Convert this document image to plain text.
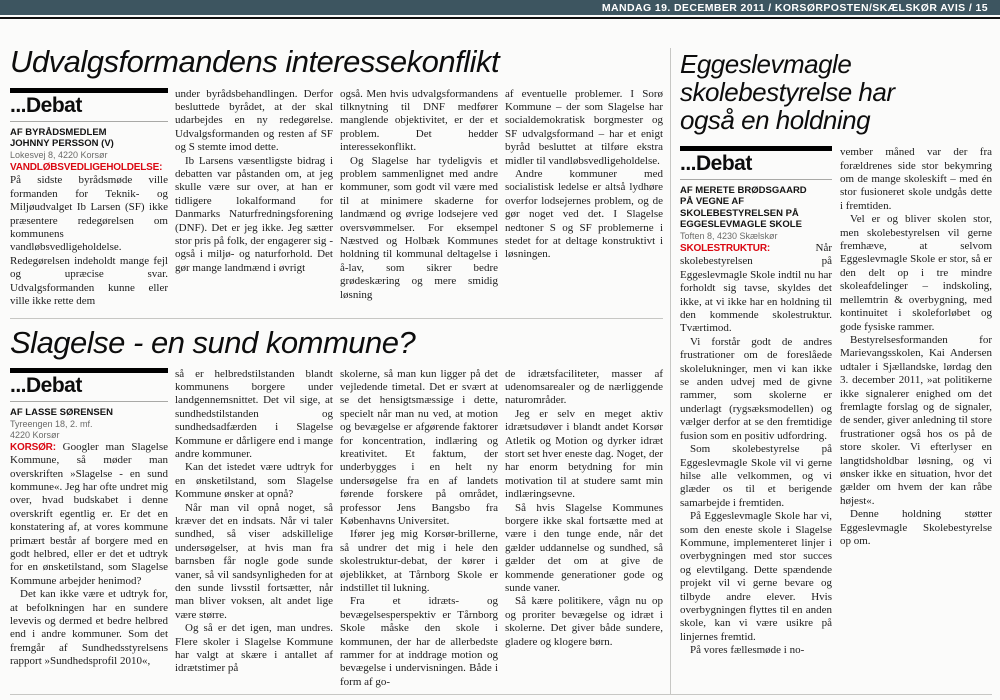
MANDAG 19. DECEMBER 2011 / KORSØRPOSTEN/SKÆLSKØR AVIS / 15
Udvalgsformandens interessekonflikt
...Debat
AF BYRÅDSMEDLEM
JOHNNY PERSSON (V)
Lokesvej 8, 4220 Korsør

VANDLØBSVEDLIGEHOLDELSE: På sidste byrådsmøde ville formanden for Teknik- og Miljøudvalget Ib Larsen (SF) ikke præsentere redegørelsen om kommunens vandløbsvedligeholdelse. Redegørelsen indeholdt mange fejl og upræcise svar. Udvalgsformanden kunne eller ville ikke rette dem

under byrådsbehandlingen. Derfor besluttede byrådet, at der skal udarbejdes en ny redegørelse. Udvalgsformanden og resten af SF og S stemte imod dette.

Ib Larsens væsentligste bidrag i debatten var påstanden om, at jeg skulle være sur over, at han er tidligere lokalformand for Danmarks Naturfredningsforening (DNF). Det er jeg ikke. Jeg sætter stor pris på folk, der engagerer sig - også i miljø- og naturforhold. Det gør mange landmænd i øvrigt

også. Men hvis udvalgsformandens tilknytning til DNF medfører manglende objektivitet, er der et problem. Det hedder interessekonflikt.

Og Slagelse har tydeligvis et problem sammenlignet med andre kommuner, som godt vil være med til at minimere skaderne for landmænd og øvrige lodsejere ved oversvømmelser. For eksempel Næstved og Holbæk Kommunes holdning til kommunal deltagelse i å-lav, som sikrer bedre grødeskæring og mere smidig løsning

af eventuelle problemer. I Sorø Kommune – der som Slagelse har socialdemokratisk borgmester og SF udvalgsformand – har et enigt byråd besluttet at tilføre ekstra midler til vandløbsvedligeholdelse.

Andre kommuner med socialistisk ledelse er altså lydhøre overfor lodsejernes problem, og de gør noget ved det. I Slagelse nedtoner S og SF problemerne i stedet for at deltage konstruktivt i løsningen.

Slagelse - en sund kommune?
...Debat
AF LASSE SØRENSEN
Tyreengen 18, 2. mf.
4220 Korsør

KORSØR: Googler man Slagelse Kommune, så møder man overskriften »Slagelse - en sund kommune«. Jeg har ofte undret mig over, hvad budskabet i denne overskrift egentlig er. Er det en konstatering af, at vores kommune primært består af borgere med en godt helbred, eller er det et udtryk for en ønsketilstand, som Slagelse Kommune arbejder henimod?

Det kan ikke være et udtryk for, at befolkningen har en sundere levevis og dermed et bedre helbred end i andre kommuner. Som det fremgår af Sundhedsstyrelsens rapport »Sundhedsprofil 2010«,

så er helbredstilstanden blandt kommunens borgere under landgennemsnittet. Det vil sige, at sundhedstilstanden og sundhedsadfærden i Slagelse Kommune er dårligere end i mange andre kommuner.

Kan det istedet være udtryk for en ønsketilstand, som Slagelse Kommune ønsker at opnå?

Når man vil opnå noget, så kræver det en indsats. Når vi taler sundhed, så viser adskillelige undersøgelser, at hvis man fra barnsben får nogle gode sunde vaner, så vil sandsynligheden for at den sunde livsstil fortsætter, når man bliver voksen, alt andet lige være større.

Og så er det igen, man undres. Flere skoler i Slagelse Kommune har valgt at skære i antallet af idrætstimer på

skolerne, så man kun ligger på det vejledende timetal. Det er svært at se det hensigtsmæssige i dette, specielt når man nu ved, at motion og bevægelse er afgørende faktorer for koncentration, indlæring og kreativitet. Et faktum, der underbygges i en helt ny undersøgelse fra en af landets førende forskere på området, professor Jens Bangsbo fra Københavns Universitet.

Ifører jeg mig Korsør-brillerne, så undrer det mig i hele den skolestruktur-debat, der kører i øjeblikket, at Tårnborg Skole er indstillet til lukning.

Fra et idræts- og bevægelsesperspektiv er Tårnborg Skole måske den skole i kommunen, der har de allerbedste rammer for at inddrage motion og bevægelse i undervisningen. Både i form af go-

de idrætsfaciliteter, masser af udenomsarealer og de nærliggende naturområder.

Jeg er selv en meget aktiv idrætsudøver i blandt andet Korsør Atletik og Motion og dyrker idræt stort set hver eneste dag. Noget, der har enorm betydning for min motivation til at studere samt min indlæringsevne.

Så hvis Slagelse Kommunes borgere ikke skal fortsætte med at være i den tunge ende, når det gælder uddannelse og sundhed, så gælder det om at give de kommende generationer gode og sunde vaner.

Så kære politikere, vågn nu op og proriter bevægelse og idræt i skolerne. Det giver både sundere, gladere og klogere børn.

Eggeslevmagle skolebestyrelse har også en holdning
...Debat
AF MERETE BRØDSGAARD
PÅ VEGNE AF
SKOLEBESTYRELSEN PÅ
EGGESLEVMAGLE SKOLE
Toften 8, 4230 Skælskør

SKOLESTRUKTUR:	Når skolebestyrelsen på Eggeslevmagle Skole indtil nu har forholdt sig tavse, skyldes det ikke, at vi ikke har en holdning til den kommende skolestruktur. Tværtimod.

Vi forstår godt de andres frustrationer om de foreslåede skolelukninger, men vi kan ikke se anden udvej med de givne rammer, som skolerne er underlagt (rygsæksmodellen) og vælger derfor at se den fremtidige fusion som en positiv udfordring.

Som skolebestyrelse på Eggeslevmagle Skole vil vi gerne hilse alle velkommen, og vi glæder os til et berigende samarbejde i fremtiden.

På Eggeslevmagle Skole har vi, som den eneste skole i Slagelse Kommune, implementeret linjer i overbygningen med stor succes og elevtilgang. Dette spændende projekt vil vi gerne bevare og tilbyde andre elever. Hvis overbygningen flyttes til en anden skole, kan vi være usikre på linjernes fremtid.

På vores fællesmøde i no-

vember måned var der fra forældrenes side stor bekymring om de mange skoleskift – med én stor fusioneret skole undgås dette i fremtiden.

Vel er og bliver skolen stor, men skolebestyrelsen vil gerne fremhæve, at selvom Eggeslevmagle Skole er stor, så er den delt op i tre mindre skoleafdelinger – indskoling, mellemtrin & overbygning, med kontinuitet i skoleforløbet og gode fysiske rammer.

Bestyrelsesformanden for Marievangsskolen, Kai Andersen udtaler i Sjællandske, lørdag den 3. december 2011, »at politikerne ikke signalerer enighed om det fremlagte forslag og de signaler, de sender, giver anledning til store frustrationer også hos os på de store skoler. Vi efterlyser en langtidsholdbar løsning, og vi ønsker ikke en situation, hvor det gælder om hvem der kan råbe højest«.

Denne holdning støtter Eggeslevmagle Skolebestyrelse op om.
